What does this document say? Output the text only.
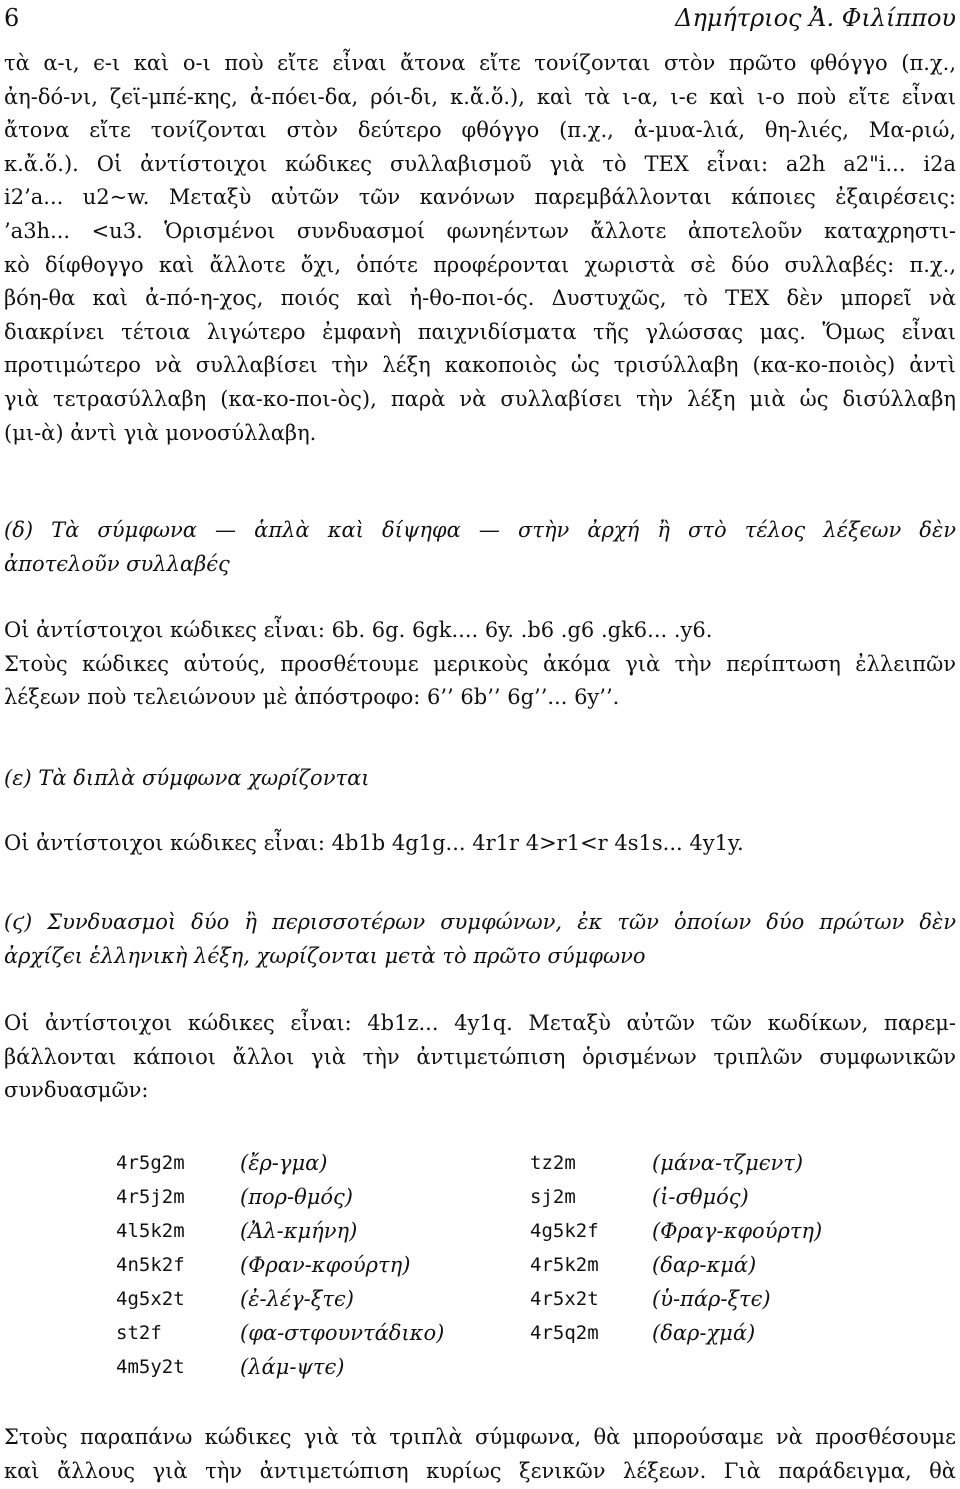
6	Δημήτριος Ἀ. Φιλίππου
τὰ α-ι, ϵ-ι καὶ ο-ι ποὺ εἴτε εἶναι ἄτονα εἴτε τονίζονται στὸν πρῶτο φθόγγο (π.χ.,
ἀη-δό-νι, ζϵϊ-μπέ-κης, ἀ-πόϵι-δα, ρόι-δι, κ.ἄ.ὅ.), καὶ τὰ ι-α, ι-ϵ καὶ ι-ο ποὺ εἴτε εἶναι
ἄτονα εἴτε τονίζονται στὸν δεύτερο φθόγγο (π.χ., ἀ-μυα-λιά, θη-λιϵ́ς, Μα-ριώ,
κ.ἄ.ὅ.). Οἱ ἀντίστοιχοι κώδικες συλλαβισμοῦ γιὰ τὸ TEX εἶναι: a2h a2"i... i2a
i2’a... u2~w. Μεταξὺ αὐτῶν τῶν κανόνων παρεμβάλλονται κάποιες ἐξαιρέσεις:
’a3h... <u3. Ὁρισμένοι συνδυασμοί φωνηέντων ἄλλοτε ἀποτελοῦν καταχρηστι-
κὸ δίφθογγο καὶ ἄλλοτε ὄχι, ὁπότε προφέρονται χωριστὰ σὲ δύο συλλαβές: π.χ.,
βόη-θα καὶ ἀ-πό-η-χος, ποιός καὶ ἠ-θο-ποι-ός. Δυστυχῶς, τὸ TEX δὲν μπορεῖ νὰ
διακρίνει τέτοια λιγώτερο ἐμφανὴ παιχνιδίσματα τῆς γλώσσας μας. Ὅμως εἶναι
προτιμώτερο νὰ συλλαβίσει τὴν λέξη κακοποιὸς ὡς τρισύλλαβη (κα-κο-ποιὸς) ἀντὶ
γιὰ τετρασύλλαβη (κα-κο-ποι-ὸς), παρὰ νὰ συλλαβίσει τὴν λέξη μιὰ ὡς δισύλλαβη
(μι-ὰ) ἀντὶ γιὰ μονοσύλλαβη.
(δ) Τὰ σύμφωνα — ἁπλὰ καὶ δίψηφα — στὴν ἀρχή ἢ στὸ τέλος λέξϵων δὲν
ἀποτϵλοῦν συλλαβϵ́ς
Οἱ ἀντίστοιχοι κώδικες εἶναι: 6b. 6g. 6gk.... 6y. .b6 .g6 .gk6... .y6.
Στοὺς κώδικες αὐτούς, προσθέτουμε μερικοὺς ἀκόμα γιὰ τὴν περίπτωση ἐλλειπῶν
λέξεων ποὺ τελειώνουν μὲ ἀπόστροφο: 6’’ 6b’’ 6g’’... 6y’’.
(ε) Τὰ διπλὰ σύμφωνα χωρίζονται
Οἱ ἀντίστοιχοι κώδικες εἶναι: 4b1b 4g1g... 4r1r 4>r1<r 4s1s... 4y1y.
(ϛ) Συνδυασμοὶ δύο ἢ πϵρισσοτϵ́ρων συμφώνων, ἐκ τῶν ὁποίων δύο πρώτων δὲν
ἀρχίζϵι ἑλληνικὴ λϵ́ξη, χωρίζονται μϵτὰ τὸ πρῶτο σύμφωνο
Οἱ ἀντίστοιχοι κώδικες εἶναι: 4b1z... 4y1q. Μεταξὺ αὐτῶν τῶν κωδίκων, παρεμ-
βάλλονται κάποιοι ἄλλοι γιὰ τὴν ἀντιμετώπιση ὁρισμένων τριπλῶν συμφωνικῶν
συνδυασμῶν:
4r5g2m	(ἔρ-γμα)	tz2m	(μάνα-τζμϵντ)
4r5j2m	(πορ-θμός)	sj2m	(ἰ-σθμός)
4l5k2m	(Ἀλ-κμήνη)	4g5k2f	(Φραγ-κφούρτη)
4n5k2f	(Φραν-κφούρτη)	4r5k2m	(δαρ-κμά)
4g5x2t	(ἐ-λέγ-ξτϵ)	4r5x2t	(ὑ-πάρ-ξτϵ)
st2f	(φα-στφουντάδικο)	4r5q2m	(δαρ-χμά)
4m5y2t	(λάμ-ψτϵ)		
Στοὺς παραπάνω κώδικες γιὰ τὰ τριπλὰ σύμφωνα, θὰ μπορούσαμε νὰ προσθέσουμε
καὶ ἄλλους γιὰ τὴν ἀντιμετώπιση κυρίως ξενικῶν λέξεων. Γιὰ παράδειγμα, θὰ
